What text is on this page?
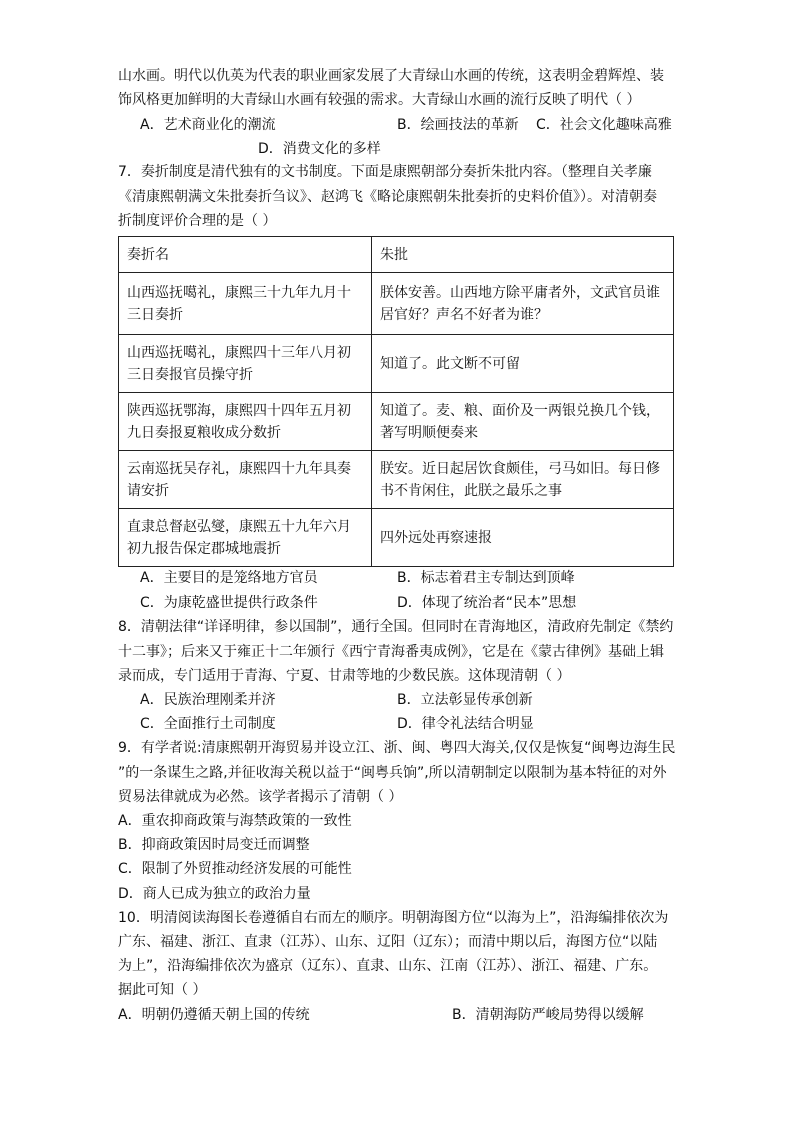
山水画。明代以仇英为代表的职业画家发展了大青绿山水画的传统，这表明金碧辉煌、装
饰风格更加鲜明的大青绿山水画有较强的需求。大青绿山水画的流行反映了明代（ ）
A．艺术商业化的潮流	B．绘画技法的革新 C．社会文化趣味高雅
D．消费文化的多样
7．奏折制度是清代独有的文书制度。下面是康熙朝部分奏折朱批内容。（整理自关孝廉
《清康熙朝满文朱批奏折刍议》、赵鸿飞《略论康熙朝朱批奏折的史料价值》）。对清朝奏
折制度评价合理的是（ ）
奏折名	朱批
山西巡抚噶礼，康熙三十九年九月十三日奏折	朕体安善。山西地方除平庸者外，文武官员谁居官好？声名不好者为谁？
山西巡抚噶礼，康熙四十三年八月初三日奏报官员操守折	知道了。此文断不可留
陕西巡抚鄂海，康熙四十四年五月初九日奏报夏粮收成分数折	知道了。麦、粮、面价及一两银兑换几个钱，著写明顺便奏来
云南巡抚吴存礼，康熙四十九年具奏请安折	朕安。近日起居饮食颇佳，弓马如旧。每日修书不肯闲住，此朕之最乐之事
直隶总督赵弘燮，康熙五十九年六月初九报告保定郡城地震折	四外远处再察速报
A．主要目的是笼络地方官员	B．标志着君主专制达到顶峰
C．为康乾盛世提供行政条件	D．体现了统治者“民本”思想
8．清朝法律“详译明律，参以国制”，通行全国。但同时在青海地区，清政府先制定《禁约
十二事》；后来又于雍正十二年颁行《西宁青海番夷成例》，它是在《蒙古律例》基础上辑
录而成，专门适用于青海、宁夏、甘肃等地的少数民族。这体现清朝（ ）
A．民族治理刚柔并济	B．立法彰显传承创新
C．全面推行土司制度	D．律令礼法结合明显
9．有学者说:清康熙朝开海贸易并设立江、浙、闽、粤四大海关,仅仅是恢复“闽粤边海生民
”的一条谋生之路,并征收海关税以益于“闽粤兵饷”,所以清朝制定以限制为基本特征的对外
贸易法律就成为必然。该学者揭示了清朝（ ）
A．重农抑商政策与海禁政策的一致性
B．抑商政策因时局变迁而调整
C．限制了外贸推动经济发展的可能性
D．商人已成为独立的政治力量
10．明清阅读海图长卷遵循自右而左的顺序。明朝海图方位“以海为上”，沿海编排依次为
广东、福建、浙江、直隶（江苏）、山东、辽阳（辽东）；而清中期以后，海图方位“以陆
为上”，沿海编排依次为盛京（辽东）、直隶、山东、江南（江苏）、浙江、福建、广东。
据此可知（ ）
A．明朝仍遵循天朝上国的传统	B．清朝海防严峻局势得以缓解
